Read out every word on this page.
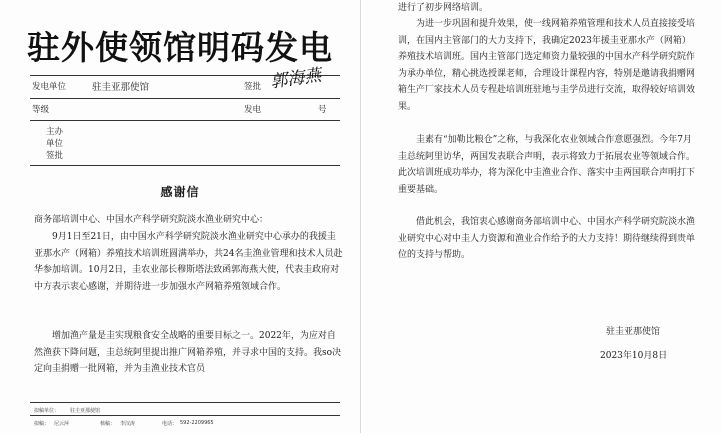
驻外使领馆明码发电
发电单位	驻圭亚那使馆	签批 郭海燕
等级	发电	号
主办
单位
签批
感谢信

商务部培训中心、中国水产科学研究院淡水渔业研究中心：

9月1日至21日，由中国水产科学研究院淡水渔业研究中心承办的我援圭亚那水产（网箱）养殖技术培训班圆满举办，共24名圭渔业管理和技术人员赴华参加培训。10月2日，圭农业部长穆斯塔法致函郭海燕大使，代表圭政府对中方表示衷心感谢，并期待进一步加强水产网箱养殖领域合作。

增加渔产量是圭实现粮食安全战略的重要目标之一。2022年，为应对自然渔获下降问题，圭总统阿里提出推广网箱养殖，并寻求中国的支持。我so决定向圭捐赠一批网箱，并为圭渔业技术官员

拟稿单位： 驻圭亚那使馆
拟稿： 尼云萍	核稿： 李汉涛	电话： 592-2209965

进行了初步网络培训。

为进一步巩固和提升效果，使一线网箱养殖管理和技术人员直接接受培训，在国内主管部门的大力支持下，我确定2023年援圭亚那水产（网箱）养殖技术培训班。国内主管部门选定师资力量较强的中国水产科学研究院作为承办单位，精心挑选授课老师，合理设计课程内容，特别是邀请我捐赠网箱生产厂家技术人员专程赴培训班驻地与圭学员进行交流，取得较好培训效果。

圭素有“加勒比粮仓”之称，与我深化农业领域合作意愿强烈。今年7月圭总统阿里访华，两国发表联合声明，表示将致力于拓展农业等领域合作。此次培训班成功举办，将为深化中圭渔业合作、落实中圭两国联合声明打下重要基础。

借此机会，我馆衷心感谢商务部培训中心、中国水产科学研究院淡水渔业研究中心对中圭人力资源和渔业合作给予的大力支持！期待继续得到贵单位的支持与帮助。

驻圭亚那使馆
2023年10月8日
